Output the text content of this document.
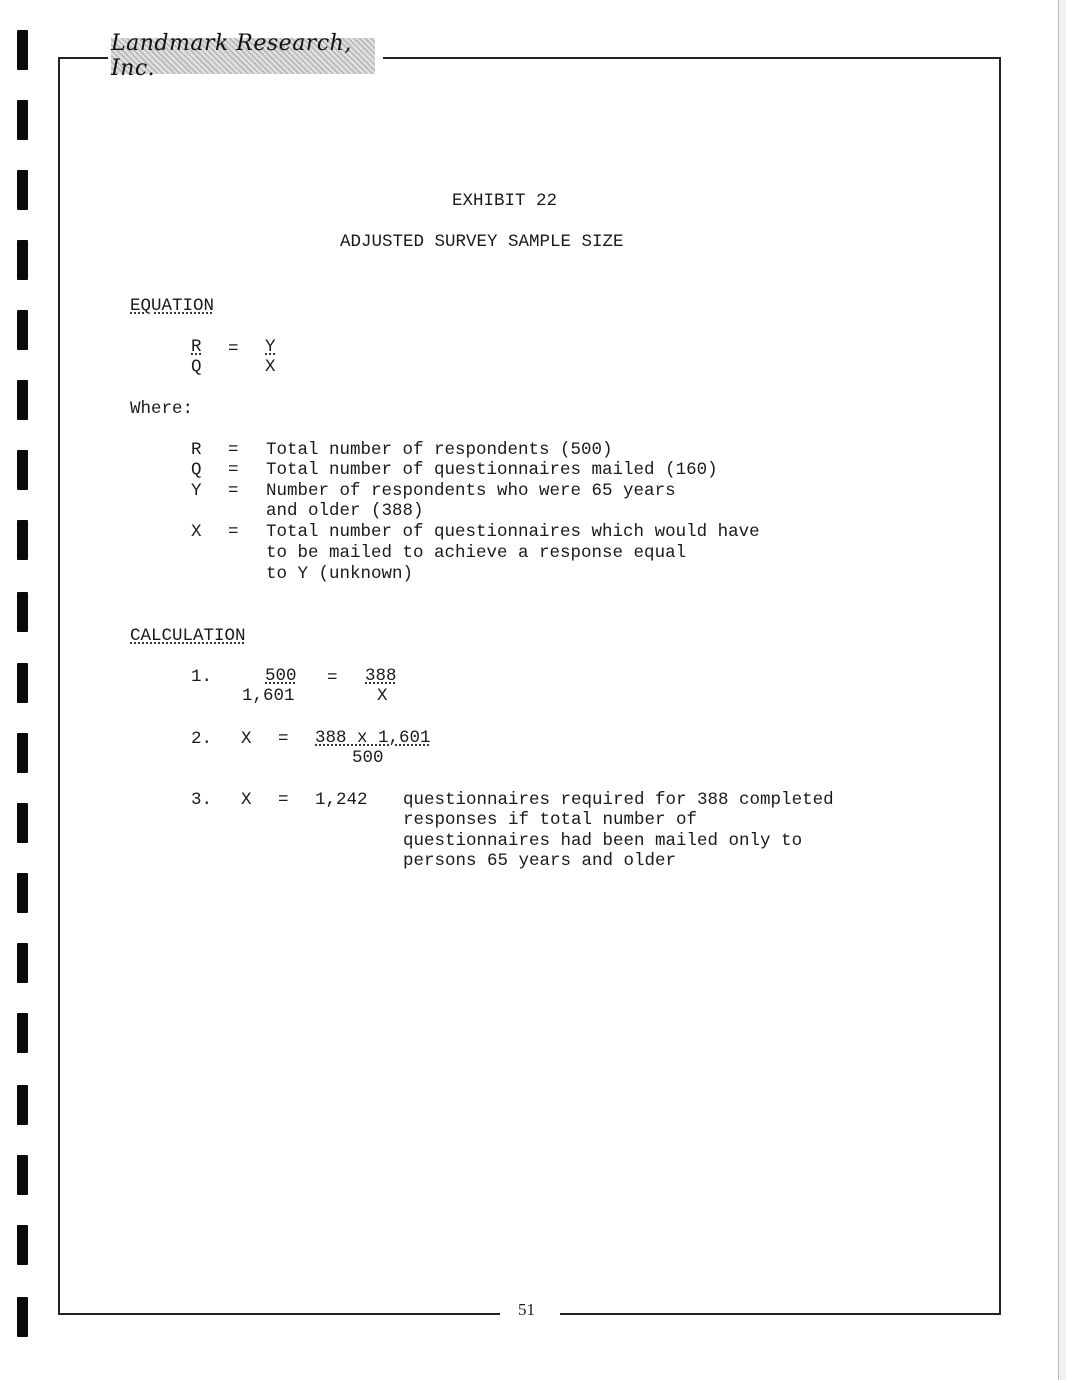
Landmark Research, Inc.
EXHIBIT 22
ADJUSTED SURVEY SAMPLE SIZE
EQUATION
R
Q
= Y
X
Where:
R = Total number of respondents (500)
Q = Total number of questionnaires mailed (160)
Y = Number of respondents who were 65 years
and older (388)
X = Total number of questionnaires which would have
to be mailed to achieve a response equal
to Y (unknown)
CALCULATION
1.	500
1,601
= 388
X
2. X = 388 x 1,601
500
3. X = 1,242 questionnaires required for 388 completed
responses if total number of
questionnaires had been mailed only to
persons 65 years and older
51
